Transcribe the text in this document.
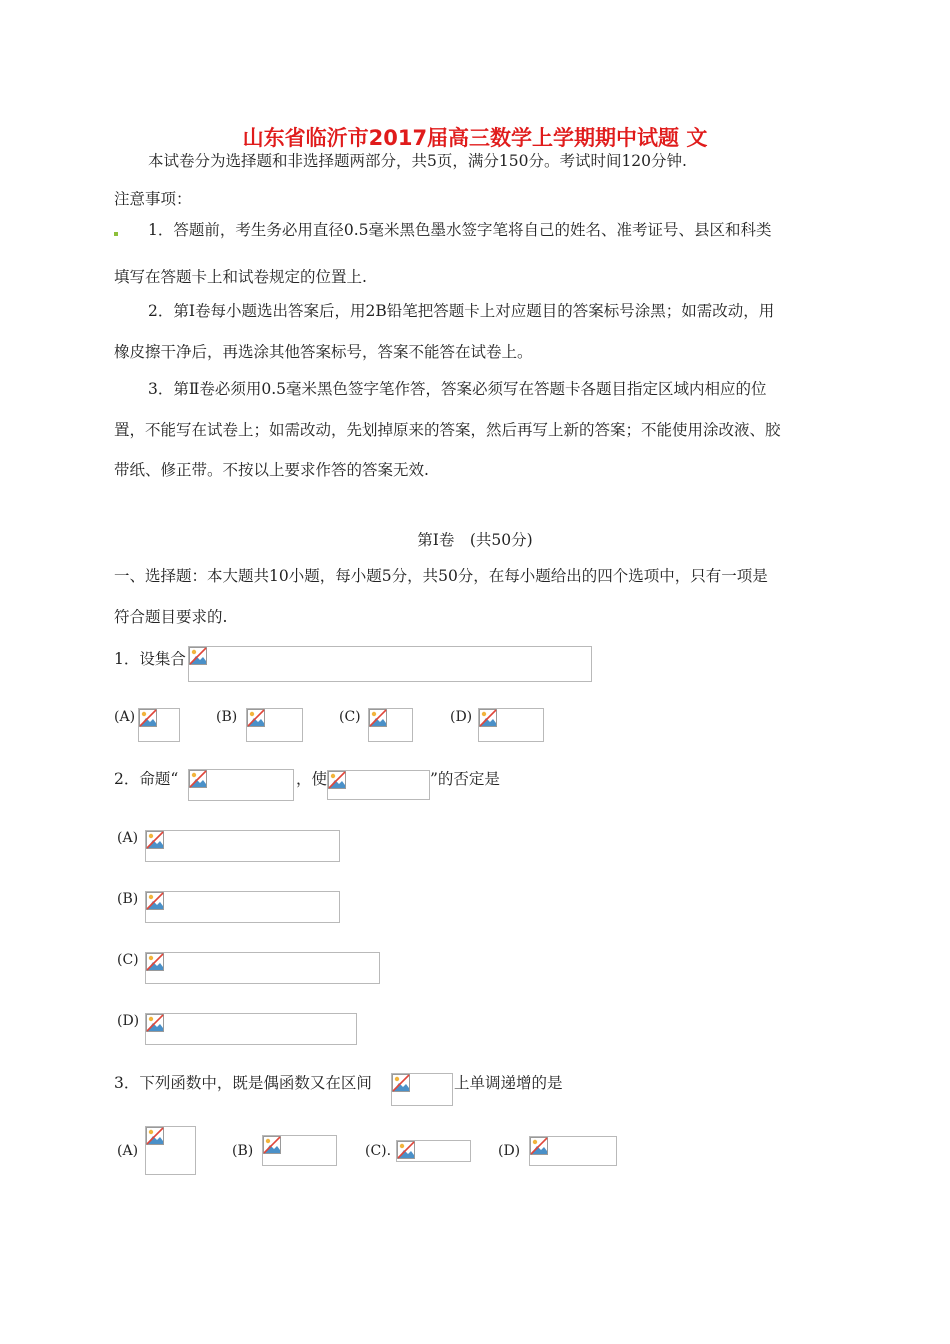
山东省临沂市2017届高三数学上学期期中试题 文
本试卷分为选择题和非选择题两部分，共5页，满分150分。考试时间120分钟.
注意事项：
1．答题前，考生务必用直径0.5毫米黑色墨水签字笔将自己的姓名、准考证号、县区和科类
填写在答题卡上和试卷规定的位置上.
2．第Ⅰ卷每小题选出答案后，用2B铅笔把答题卡上对应题目的答案标号涂黑；如需改动，用
橡皮擦干净后，再选涂其他答案标号，答案不能答在试卷上。
3．第Ⅱ卷必须用0.5毫米黑色签字笔作答，答案必须写在答题卡各题目指定区域内相应的位
置，不能写在试卷上；如需改动，先划掉原来的答案，然后再写上新的答案；不能使用涂改液、胶
带纸、修正带。不按以上要求作答的答案无效.
第Ⅰ卷　(共50分)
一、选择题：本大题共10小题，每小题5分，共50分，在每小题给出的四个选项中，只有一项是
符合题目要求的.
1．设集合
(A)	(B)	(C)	(D)
2．命题“	，使	”的否定是
(A)
(B)
(C)
(D)
3．下列函数中，既是偶函数又在区间	上单调递增的是
(A)	(B)	(C).	(D)
